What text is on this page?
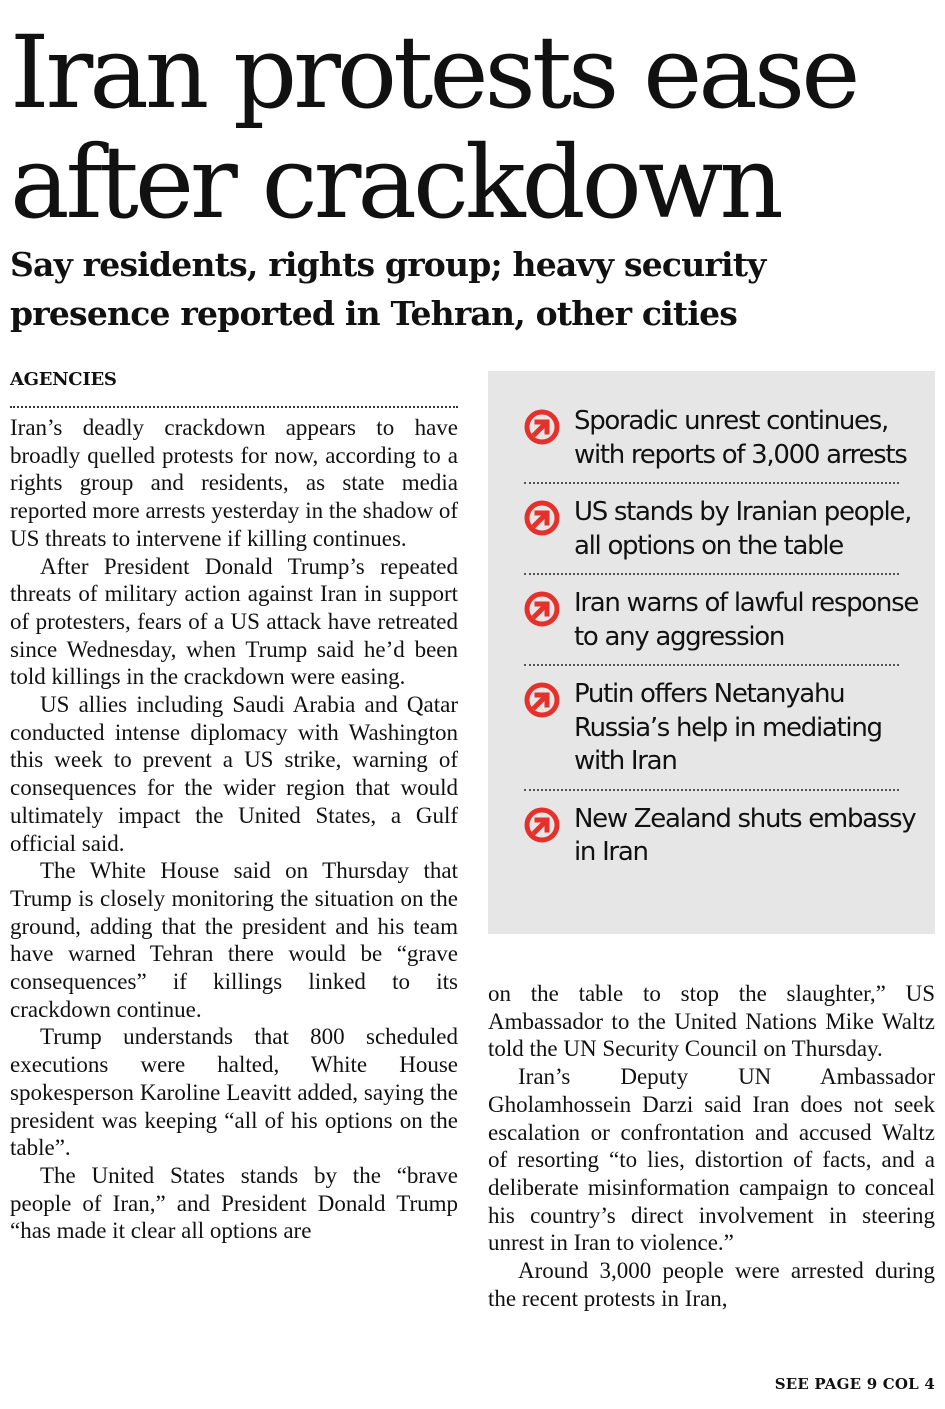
Iran protests ease
after crackdown
Say residents, rights group; heavy security
presence reported in Tehran, other cities
AGENCIES

Iran’s deadly crackdown appears to have broadly quelled protests for now, according to a rights group and residents, as state media reported more arrests yesterday in the shadow of US threats to intervene if killing continues.

After President Donald Trump’s repeated threats of military action against Iran in support of protesters, fears of a US attack have retreated since Wednesday, when Trump said he’d been told killings in the crackdown were easing.

US allies including Saudi Arabia and Qatar conducted intense diplomacy with Washington this week to prevent a US strike, warning of consequences for the wider region that would ultimately impact the United States, a Gulf official said.

The White House said on Thursday that Trump is closely monitoring the situation on the ground, adding that the president and his team have warned Tehran there would be “grave consequences” if killings linked to its crackdown continue.

Trump understands that 800 scheduled executions were halted, White House spokesperson Karoline Leavitt added, saying the president was keeping “all of his options on the table”.

The United States stands by the “brave people of Iran,” and President Donald Trump “has made it clear all options are

Sporadic unrest continues, with reports of 3,000 arrests
US stands by Iranian people, all options on the table
Iran warns of lawful response to any aggression
Putin offers Netanyahu Russia’s help in mediating with Iran
New Zealand shuts embassy in Iran

on the table to stop the slaughter,” US Ambassador to the United Nations Mike Waltz told the UN Security Council on Thursday.

Iran’s Deputy UN Ambassador Gholamhossein Darzi said Iran does not seek escalation or confrontation and accused Waltz of resorting “to lies, distortion of facts, and a deliberate misinformation campaign to conceal his country’s direct involvement in steering unrest in Iran to violence.”

Around 3,000 people were arrested during the recent protests in Iran,

SEE PAGE 9 COL 4
